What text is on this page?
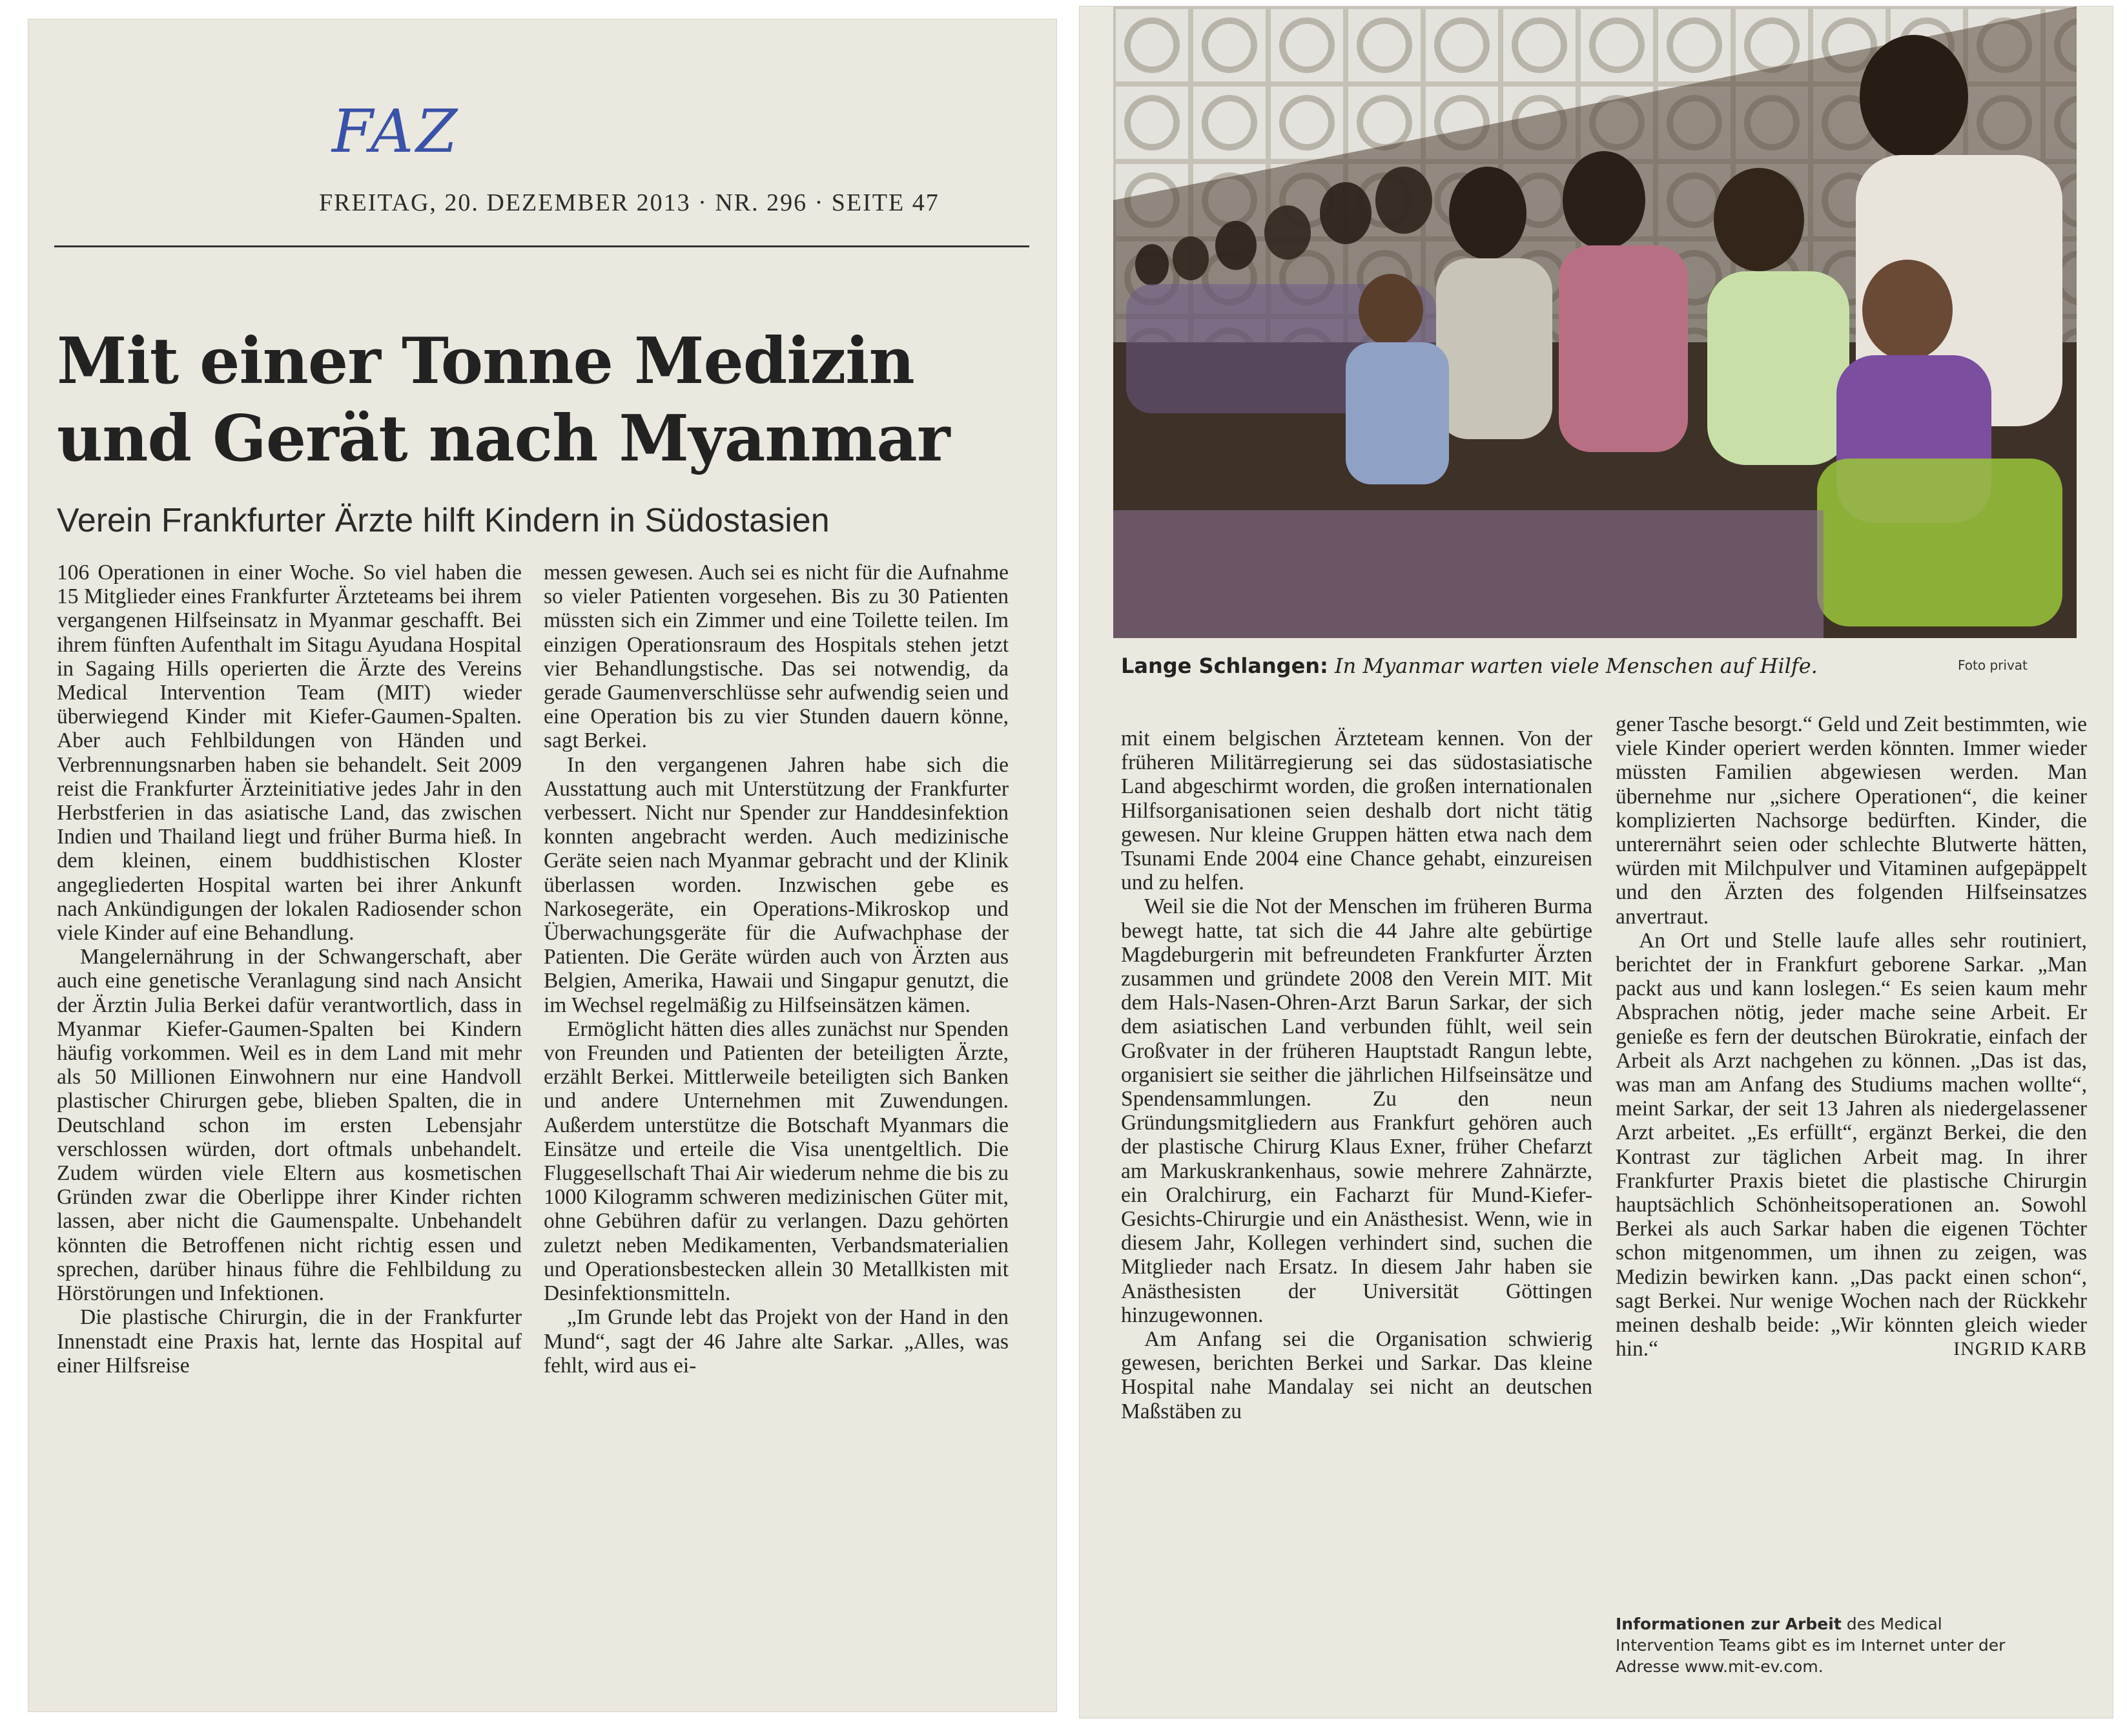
FAZ
FREITAG, 20. DEZEMBER 2013 · NR. 296 · SEITE 47
Mit einer Tonne Medizin und Gerät nach Myanmar
Verein Frankfurter Ärzte hilft Kindern in Südostasien

106 Operationen in einer Woche. So viel haben die 15 Mitglieder eines Frankfurter Ärzteteams bei ihrem vergangenen Hilfseinsatz in Myanmar geschafft. Bei ihrem fünften Aufenthalt im Sitagu Ayudana Hospital in Sagaing Hills operierten die Ärzte des Vereins Medical Intervention Team (MIT) wieder überwiegend Kinder mit Kiefer-Gaumen-Spalten. Aber auch Fehlbildungen von Händen und Verbrennungsnarben haben sie behandelt. Seit 2009 reist die Frankfurter Ärzteinitiative jedes Jahr in den Herbstferien in das asiatische Land, das zwischen Indien und Thailand liegt und früher Burma hieß. In dem kleinen, einem buddhistischen Kloster angegliederten Hospital warten bei ihrer Ankunft nach Ankündigungen der lokalen Radiosender schon viele Kinder auf eine Behandlung.

Mangelernährung in der Schwangerschaft, aber auch eine genetische Veranlagung sind nach Ansicht der Ärztin Julia Berkei dafür verantwortlich, dass in Myanmar Kiefer-Gaumen-Spalten bei Kindern häufig vorkommen. Weil es in dem Land mit mehr als 50 Millionen Einwohnern nur eine Handvoll plastischer Chirurgen gebe, blieben Spalten, die in Deutschland schon im ersten Lebensjahr verschlossen würden, dort oftmals unbehandelt. Zudem würden viele Eltern aus kosmetischen Gründen zwar die Oberlippe ihrer Kinder richten lassen, aber nicht die Gaumenspalte. Unbehandelt könnten die Betroffenen nicht richtig essen und sprechen, darüber hinaus führe die Fehlbildung zu Hörstörungen und Infektionen.

Die plastische Chirurgin, die in der Frankfurter Innenstadt eine Praxis hat, lernte das Hospital auf einer Hilfsreise

messen gewesen. Auch sei es nicht für die Aufnahme so vieler Patienten vorgesehen. Bis zu 30 Patienten müssten sich ein Zimmer und eine Toilette teilen. Im einzigen Operationsraum des Hospitals stehen jetzt vier Behandlungstische. Das sei notwendig, da gerade Gaumenverschlüsse sehr aufwendig seien und eine Operation bis zu vier Stunden dauern könne, sagt Berkei.

In den vergangenen Jahren habe sich die Ausstattung auch mit Unterstützung der Frankfurter verbessert. Nicht nur Spender zur Handdesinfektion konnten angebracht werden. Auch medizinische Geräte seien nach Myanmar gebracht und der Klinik überlassen worden. Inzwischen gebe es Narkosegeräte, ein Operations-Mikroskop und Überwachungsgeräte für die Aufwachphase der Patienten. Die Geräte würden auch von Ärzten aus Belgien, Amerika, Hawaii und Singapur genutzt, die im Wechsel regelmäßig zu Hilfseinsätzen kämen.

Ermöglicht hätten dies alles zunächst nur Spenden von Freunden und Patienten der beteiligten Ärzte, erzählt Berkei. Mittlerweile beteiligten sich Banken und andere Unternehmen mit Zuwendungen. Außerdem unterstütze die Botschaft Myanmars die Einsätze und erteile die Visa unentgeltlich. Die Fluggesellschaft Thai Air wiederum nehme die bis zu 1000 Kilogramm schweren medizinischen Güter mit, ohne Gebühren dafür zu verlangen. Dazu gehörten zuletzt neben Medikamenten, Verbandsmaterialien und Operationsbestecken allein 30 Metallkisten mit Desinfektionsmitteln.

„Im Grunde lebt das Projekt von der Hand in den Mund“, sagt der 46 Jahre alte Sarkar. „Alles, was fehlt, wird aus ei-

Lange Schlangen: In Myanmar warten viele Menschen auf Hilfe.	Foto privat

mit einem belgischen Ärzteteam kennen. Von der früheren Militärregierung sei das südostasiatische Land abgeschirmt worden, die großen internationalen Hilfsorganisationen seien deshalb dort nicht tätig gewesen. Nur kleine Gruppen hätten etwa nach dem Tsunami Ende 2004 eine Chance gehabt, einzureisen und zu helfen.

Weil sie die Not der Menschen im früheren Burma bewegt hatte, tat sich die 44 Jahre alte gebürtige Magdeburgerin mit befreundeten Frankfurter Ärzten zusammen und gründete 2008 den Verein MIT. Mit dem Hals-Nasen-Ohren-Arzt Barun Sarkar, der sich dem asiatischen Land verbunden fühlt, weil sein Großvater in der früheren Hauptstadt Rangun lebte, organisiert sie seither die jährlichen Hilfseinsätze und Spendensammlungen. Zu den neun Gründungsmitgliedern aus Frankfurt gehören auch der plastische Chirurg Klaus Exner, früher Chefarzt am Markuskrankenhaus, sowie mehrere Zahnärzte, ein Oralchirurg, ein Facharzt für Mund-Kiefer-Gesichts-Chirurgie und ein Anästhesist. Wenn, wie in diesem Jahr, Kollegen verhindert sind, suchen die Mitglieder nach Ersatz. In diesem Jahr haben sie Anästhesisten der Universität Göttingen hinzugewonnen.

Am Anfang sei die Organisation schwierig gewesen, berichten Berkei und Sarkar. Das kleine Hospital nahe Mandalay sei nicht an deutschen Maßstäben zu

gener Tasche besorgt.“ Geld und Zeit bestimmten, wie viele Kinder operiert werden könnten. Immer wieder müssten Familien abgewiesen werden. Man übernehme nur „sichere Operationen“, die keiner komplizierten Nachsorge bedürften. Kinder, die unterernährt seien oder schlechte Blutwerte hätten, würden mit Milchpulver und Vitaminen aufgepäppelt und den Ärzten des folgenden Hilfseinsatzes anvertraut.

An Ort und Stelle laufe alles sehr routiniert, berichtet der in Frankfurt geborene Sarkar. „Man packt aus und kann loslegen.“ Es seien kaum mehr Absprachen nötig, jeder mache seine Arbeit. Er genieße es fern der deutschen Bürokratie, einfach der Arbeit als Arzt nachgehen zu können. „Das ist das, was man am Anfang des Studiums machen wollte“, meint Sarkar, der seit 13 Jahren als niedergelassener Arzt arbeitet. „Es erfüllt“, ergänzt Berkei, die den Kontrast zur täglichen Arbeit mag. In ihrer Frankfurter Praxis bietet die plastische Chirurgin hauptsächlich Schönheitsoperationen an. Sowohl Berkei als auch Sarkar haben die eigenen Töchter schon mitgenommen, um ihnen zu zeigen, was Medizin bewirken kann. „Das packt einen schon“, sagt Berkei. Nur wenige Wochen nach der Rückkehr meinen deshalb beide: „Wir könnten gleich wieder hin.“	INGRID KARB
Informationen zur Arbeit des Medical Intervention Teams gibt es im Internet unter der Adresse www.mit-ev.com.
